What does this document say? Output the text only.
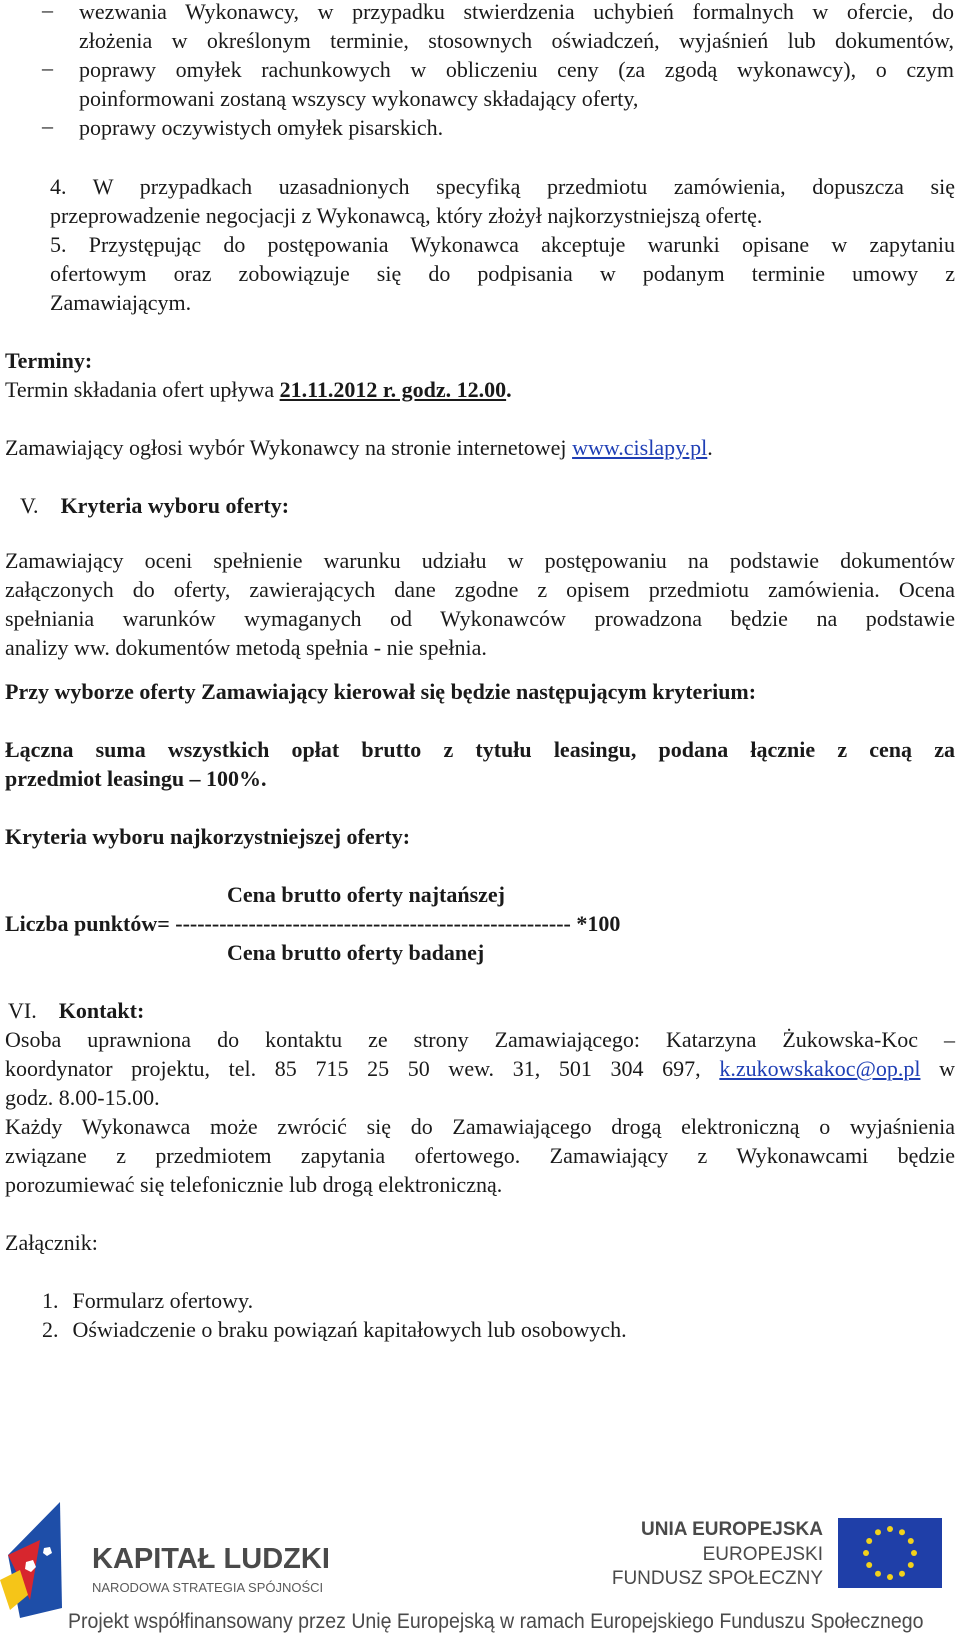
– wezwania Wykonawcy, w przypadku stwierdzenia uchybień formalnych w ofercie, do
złożenia w określonym terminie, stosownych oświadczeń, wyjaśnień lub dokumentów,
– poprawy omyłek rachunkowych w obliczeniu ceny (za zgodą wykonawcy), o czym
poinformowani zostaną wszyscy wykonawcy składający oferty,
– poprawy oczywistych omyłek pisarskich.
4. W przypadkach uzasadnionych specyfiką przedmiotu zamówienia, dopuszcza się
przeprowadzenie negocjacji z Wykonawcą, który złożył najkorzystniejszą ofertę.
5. Przystępując do postępowania Wykonawca akceptuje warunki opisane w zapytaniu
ofertowym oraz zobowiązuje się do podpisania w podanym terminie umowy z
Zamawiającym.
Terminy:
Termin składania ofert upływa 21.11.2012 r. godz. 12.00.
Zamawiający ogłosi wybór Wykonawcy na stronie internetowej www.cislapy.pl.
V. Kryteria wyboru oferty:
Zamawiający oceni spełnienie warunku udziału w postępowaniu na podstawie dokumentów
załączonych do oferty, zawierających dane zgodne z opisem przedmiotu zamówienia. Ocena
spełniania warunków wymaganych od Wykonawców prowadzona będzie na podstawie
analizy ww. dokumentów metodą spełnia - nie spełnia.
Przy wyborze oferty Zamawiający kierował się będzie następującym kryterium:
Łączna suma wszystkich opłat brutto z tytułu leasingu, podana łącznie z ceną za
przedmiot leasingu – 100%.
Kryteria wyboru najkorzystniejszej oferty:
Cena brutto oferty najtańszej
Liczba punktów= ------------------------------------------------------ *100
Cena brutto oferty badanej
VI. Kontakt:
Osoba uprawniona do kontaktu ze strony Zamawiającego: Katarzyna Żukowska-Koc –
koordynator projektu, tel. 85 715 25 50 wew. 31, 501 304 697, k.zukowskakoc@op.pl w
godz. 8.00-15.00.
Każdy Wykonawca może zwrócić się do Zamawiającego drogą elektroniczną o wyjaśnienia
związane z przedmiotem zapytania ofertowego. Zamawiający z Wykonawcami będzie
porozumiewać się telefonicznie lub drogą elektroniczną.
Załącznik:
1. Formularz ofertowy.
2. Oświadczenie o braku powiązań kapitałowych lub osobowych.
KAPITAŁ LUDZKI
NARODOWA STRATEGIA SPÓJNOŚCI
UNIA EUROPEJSKA
EUROPEJSKI
FUNDUSZ SPOŁECZNY
Projekt współfinansowany przez Unię Europejską w ramach Europejskiego Funduszu Społecznego
